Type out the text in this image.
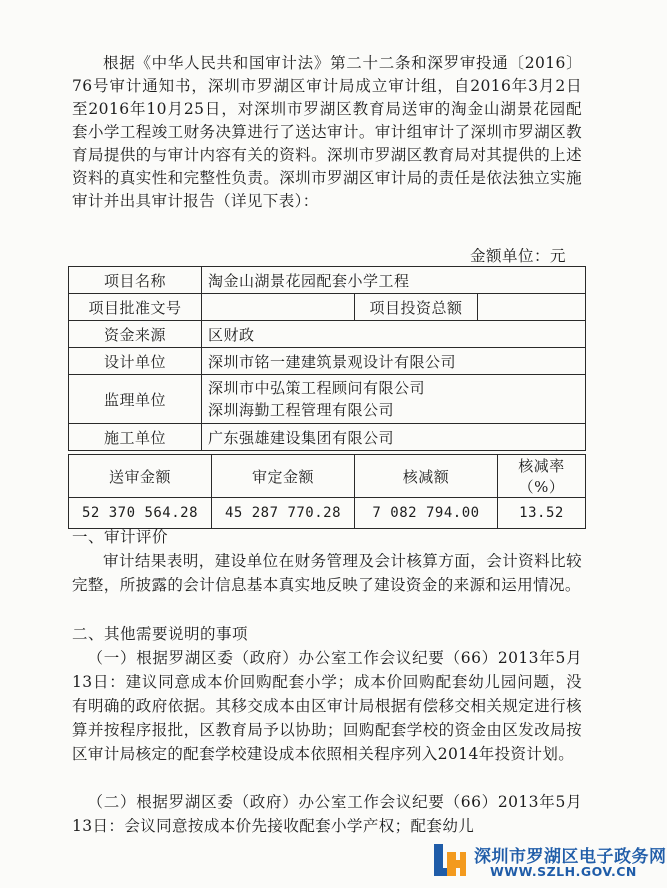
根据《中华人民共和国审计法》第二十二条和深罗审投通〔2016〕76号审计通知书，深圳市罗湖区审计局成立审计组，自2016年3月2日至2016年10月25日，对深圳市罗湖区教育局送审的淘金山湖景花园配套小学工程竣工财务决算进行了送达审计。审计组审计了深圳市罗湖区教育局提供的与审计内容有关的资料。深圳市罗湖区教育局对其提供的上述资料的真实性和完整性负责。深圳市罗湖区审计局的责任是依法独立实施审计并出具审计报告（详见下表）：
金额单位：元
项目名称	淘金山湖景花园配套小学工程		
项目批准文号		项目投资总额	
资金来源	区财政		
设计单位	深圳市铭一建建筑景观设计有限公司		
监理单位	深圳市中弘策工程顾问有限公司
深圳海勤工程管理有限公司		

施工单位	广东强雄建设集团有限公司		
送审金额	审定金额	核减额	核减率（%）
52 370 564.28	45 287 770.28	7 082 794.00	13.52
一、审计评价
审计结果表明，建设单位在财务管理及会计核算方面，会计资料比较完整，所披露的会计信息基本真实地反映了建设资金的来源和运用情况。
二、其他需要说明的事项
（一）根据罗湖区委（政府）办公室工作会议纪要（66）2013年5月13日：建议同意成本价回购配套小学；成本价回购配套幼儿园问题，没有明确的政府依据。其移交成本由区审计局根据有偿移交相关规定进行核算并按程序报批，区教育局予以协助；回购配套学校的资金由区发改局按区审计局核定的配套学校建设成本依照相关程序列入2014年投资计划。
（二）根据罗湖区委（政府）办公室工作会议纪要（66）2013年5月13日：会议同意按成本价先接收配套小学产权；配套幼儿
深圳市罗湖区电子政务网
WWW.SZLH.GOV.CN
